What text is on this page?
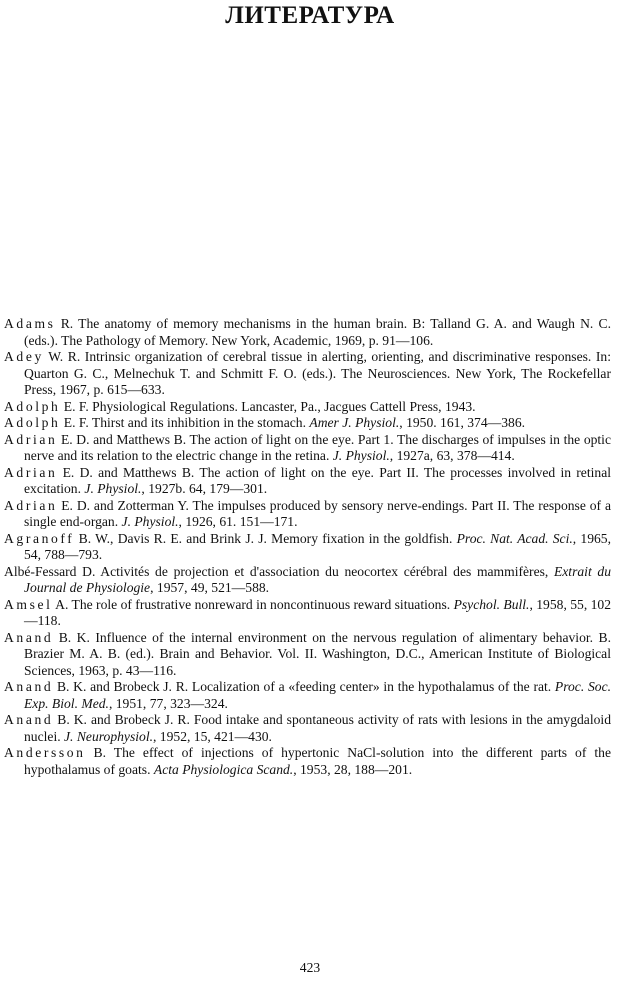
ЛИТЕРАТУРА

Adams R. The anatomy of memory mechanisms in the human brain. B: Talland G. A. and Waugh N. C. (eds.). The Pathology of Memory. New York, Academic, 1969, p. 91—106.

Adey W. R. Intrinsic organization of cerebral tissue in alerting, orienting, and discriminative responses. In: Quarton G. C., Melnechuk T. and Schmitt F. O. (eds.). The Neurosciences. New York, The Rockefellar Press, 1967, p. 615—633.

Adolph E. F. Physiological Regulations. Lancaster, Pa., Jacgues Cattell Press, 1943.

Adolph E. F. Thirst and its inhibition in the stomach. Amer J. Physiol., 1950. 161, 374—386.

Adrian E. D. and Matthews B. The action of light on the eye. Part 1. The discharges of impulses in the optic nerve and its relation to the electric change in the retina. J. Physiol., 1927a, 63, 378—414.

Adrian E. D. and Matthews B. The action of light on the eye. Part II. The processes involved in retinal excitation. J. Physiol., 1927b. 64, 179—301.

Adrian E. D. and Zotterman Y. The impulses produced by sensory nerve-endings. Part II. The response of a single end-organ. J. Physiol., 1926, 61. 151—171.

Agranoff B. W., Davis R. E. and Brink J. J. Memory fixation in the goldfish. Proc. Nat. Acad. Sci., 1965, 54, 788—793.

Albé-Fessard D. Activités de projection et d'association du neocortex cérébral des mammifères, Extrait du Journal de Physiologie, 1957, 49, 521—588.

Amsel A. The role of frustrative nonreward in noncontinuous reward situations. Psychol. Bull., 1958, 55, 102—118.

Anand B. K. Influence of the internal environment on the nervous regulation of alimentary behavior. B. Brazier M. A. B. (ed.). Brain and Behavior. Vol. II. Washington, D.C., American Institute of Biological Sciences, 1963, p. 43—116.

Anand B. K. and Brobeck J. R. Localization of a «feeding center» in the hypothalamus of the rat. Proc. Soc. Exp. Biol. Med., 1951, 77, 323—324.

Anand B. K. and Brobeck J. R. Food intake and spontaneous activity of rats with lesions in the amygdaloid nuclei. J. Neurophysiol., 1952, 15, 421—430.

Andersson B. The effect of injections of hypertonic NaCl-solution into the different parts of the hypothalamus of goats. Acta Physiologica Scand., 1953, 28, 188—201.

423
